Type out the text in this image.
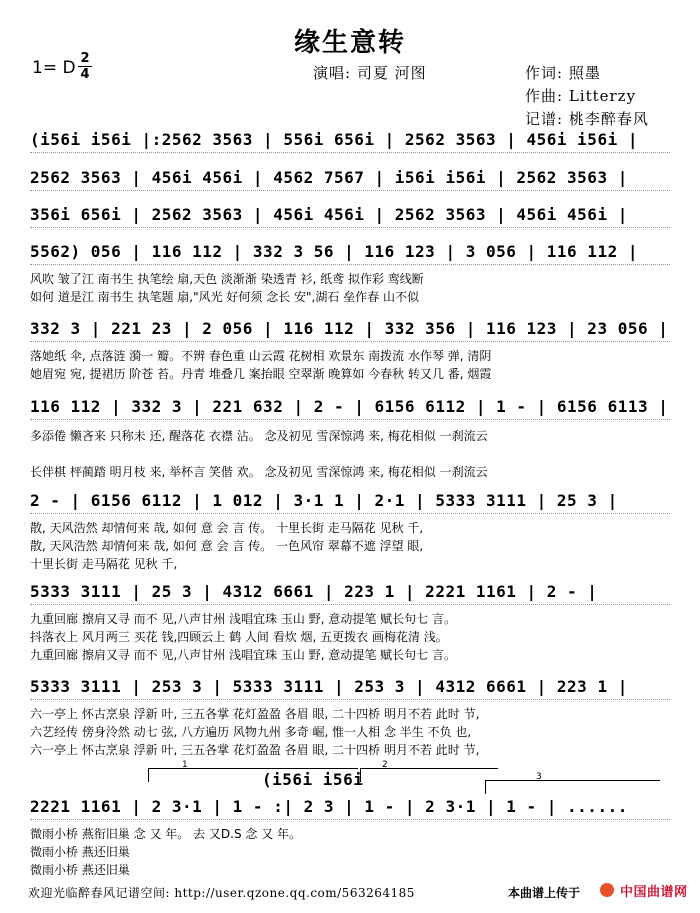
缘生意转
1= D 2
4	演唱: 司夏 河图	作词: 照墨
作曲: Litterzy
记谱: 桃李醉春风
(i56i i56i |:2562 3563 | 556i 656i | 2562 3563 | 456i i56i |
2562 3563 | 456i 456i | 4562 7567 | i56i i56i | 2562 3563 |
356i 656i | 2562 3563 | 456i 456i | 2562 3563 | 456i 456i |
5562) 056 | 116 112 | 332 3 56 | 116 123 | 3 056 | 116 112 |
风吹 皱了江 南书生 执笔绘 扇,天色 淡渐渐 染透青 衫, 纸鸢 拟作彩 鸾线断
如何 道是江 南书生 执笔题 扇,"风光 好何须 念长 安",湖石 垒作春 山不似
332 3 | 221 23 | 2 056 | 116 112 | 332 356 | 116 123 | 23 056 |
落她纸 伞, 点落涟 漪一 瓣。不辨 春色重 山云霞 花树相 欢景东 南拨流 水作琴 弹, 清阴
她眉宛 宛, 提裙历 阶苍 苔。丹青 堆叠几 案抬眼 空翠渐 晚算如 今春秋 转又几 番, 烟霞
116 112 | 332 3 | 221 632 | 2 - | 6156 6112 | 1 - | 6156 6113 |
多添倦 懒吝来 只称未 还, 醒落花 衣襟 沾。 念及初见 雪深惊鸿 来, 梅花相似 一刹流云
长伴棋 枰蔺踏 明月枝 来, 举杯言 笑偕 欢。 念及初见 雪深惊鸿 来, 梅花相似 一刹流云
2 - | 6156 6112 | 1 012 | 3·1 1 | 2·1 | 5333 3111 | 25 3 |
散, 天风浩然 却情何来 哉, 如何 意 会 言 传。 十里长街 走马隔花 见秋 千,
散, 天风浩然 却情何来 哉, 如何 意 会 言 传。 一色风帘 翠幕不遮 浮望 眼,
十里长街 走马隔花 见秋 千,
5333 3111 | 25 3 | 4312 6661 | 223 1 | 2221 1161 | 2 - |
九重回廊 擦肩又寻 而不 见,八声甘州 浅唱宜珠 玉山 野, 意动提笔 赋长句七 言。
抖落衣上 风月两三 买花 钱,四顾云上 鹤 人间 看炊 烟, 五更拨衣 画梅花清 浅。
九重回廊 擦肩又寻 而不 见,八声甘州 浅唱宜珠 玉山 野, 意动提笔 赋长句七 言。
5333 3111 | 253 3 | 5333 3111 | 253 3 | 4312 6661 | 223 1 |
六一亭上 怀古烹泉 浮新 叶, 三五各掌 花灯盈盈 各眉 眼, 二十四桥 明月不若 此时 节,
六艺经传 傍身泠然 动七 弦, 八方遍历 风物九州 多奇 崛, 惟一人相 念 半生 不负 也,
六一亭上 怀古烹泉 浮新 叶, 三五各掌 花灯盈盈 各眉 眼, 二十四桥 明月不若 此时 节,
2221 1161 | 2 3·1 | 1 - :| 2 3 | 1 - | 2 3·1 | 1 - | ......
微雨小桥 燕衔旧巢 念 又 年。 去 又D.S 念 又 年。
微雨小桥 燕还旧巢
微雨小桥 燕还旧巢
1	2
3
(i56i i56i
欢迎光临醉春风记谱空间: http://user.qzone.qq.com/563264185	本曲谱上传于	中国曲谱网
